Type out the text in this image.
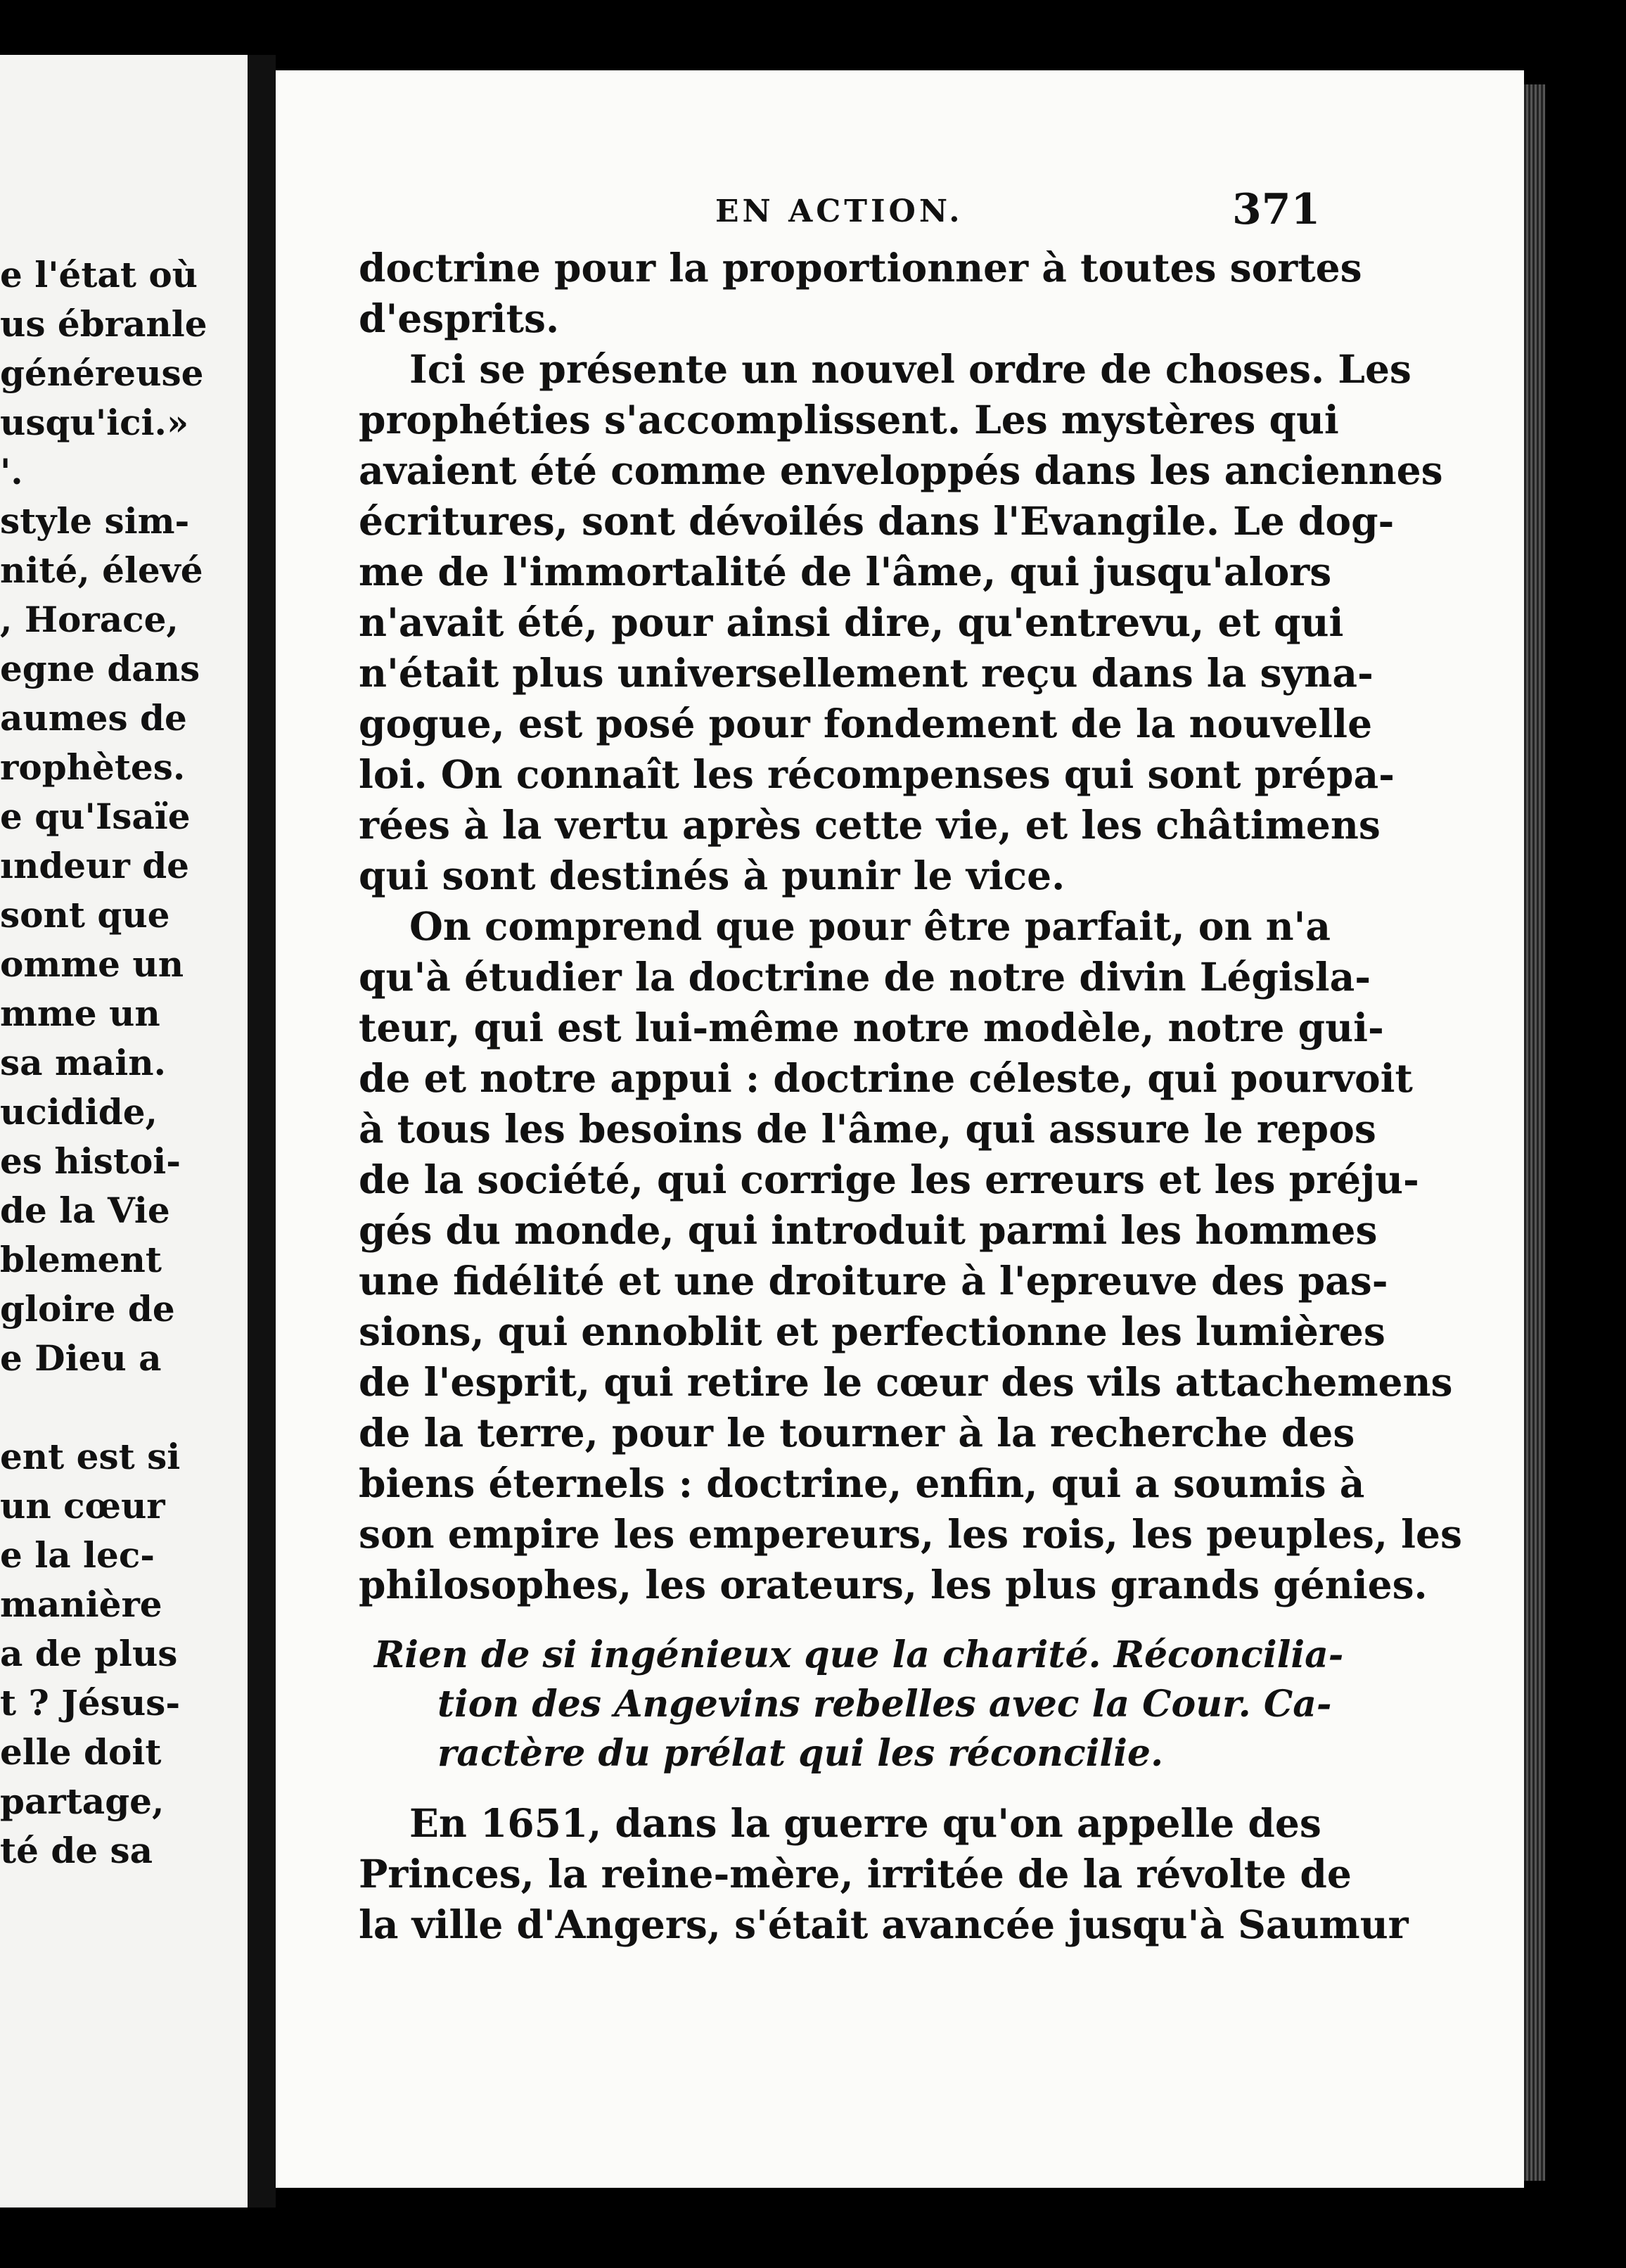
e l'état où
us ébranle
généreuse
usqu'ici.»
'.
style sim-
nité, élevé
, Horace,
egne dans
aumes de
rophètes.
e qu'Isaïe
ındeur de
sont que
omme un
mme un
sa main.
ucidide,
es histoi-
de la Vie
blement
gloire de
e Dieu a
ent est si
un cœur
e la lec-
manière
a de plus
t ? Jésus-
elle doit
partage,
té de sa
EN ACTION.	371
doctrine pour la proportionner à toutes sortes
d'esprits.
Ici se présente un nouvel ordre de choses. Les
prophéties s'accomplissent. Les mystères qui
avaient été comme enveloppés dans les anciennes
écritures, sont dévoilés dans l'Evangile. Le dog-
me de l'immortalité de l'âme, qui jusqu'alors
n'avait été, pour ainsi dire, qu'entrevu, et qui
n'était plus universellement reçu dans la syna-
gogue, est posé pour fondement de la nouvelle
loi. On connaît les récompenses qui sont prépa-
rées à la vertu après cette vie, et les châtimens
qui sont destinés à punir le vice.
On comprend que pour être parfait, on n'a
qu'à étudier la doctrine de notre divin Législa-
teur, qui est lui-même notre modèle, notre gui-
de et notre appui : doctrine céleste, qui pourvoit
à tous les besoins de l'âme, qui assure le repos
de la société, qui corrige les erreurs et les préju-
gés du monde, qui introduit parmi les hommes
une fidélité et une droiture à l'epreuve des pas-
sions, qui ennoblit et perfectionne les lumières
de l'esprit, qui retire le cœur des vils attachemens
de la terre, pour le tourner à la recherche des
biens éternels : doctrine, enfin, qui a soumis à
son empire les empereurs, les rois, les peuples, les
philosophes, les orateurs, les plus grands génies.
Rien de si ingénieux que la charité. Réconcilia-
tion des Angevins rebelles avec la Cour. Ca-
ractère du prélat qui les réconcilie.
En 1651, dans la guerre qu'on appelle des
Princes, la reine-mère, irritée de la révolte de
la ville d'Angers, s'était avancée jusqu'à Saumur
